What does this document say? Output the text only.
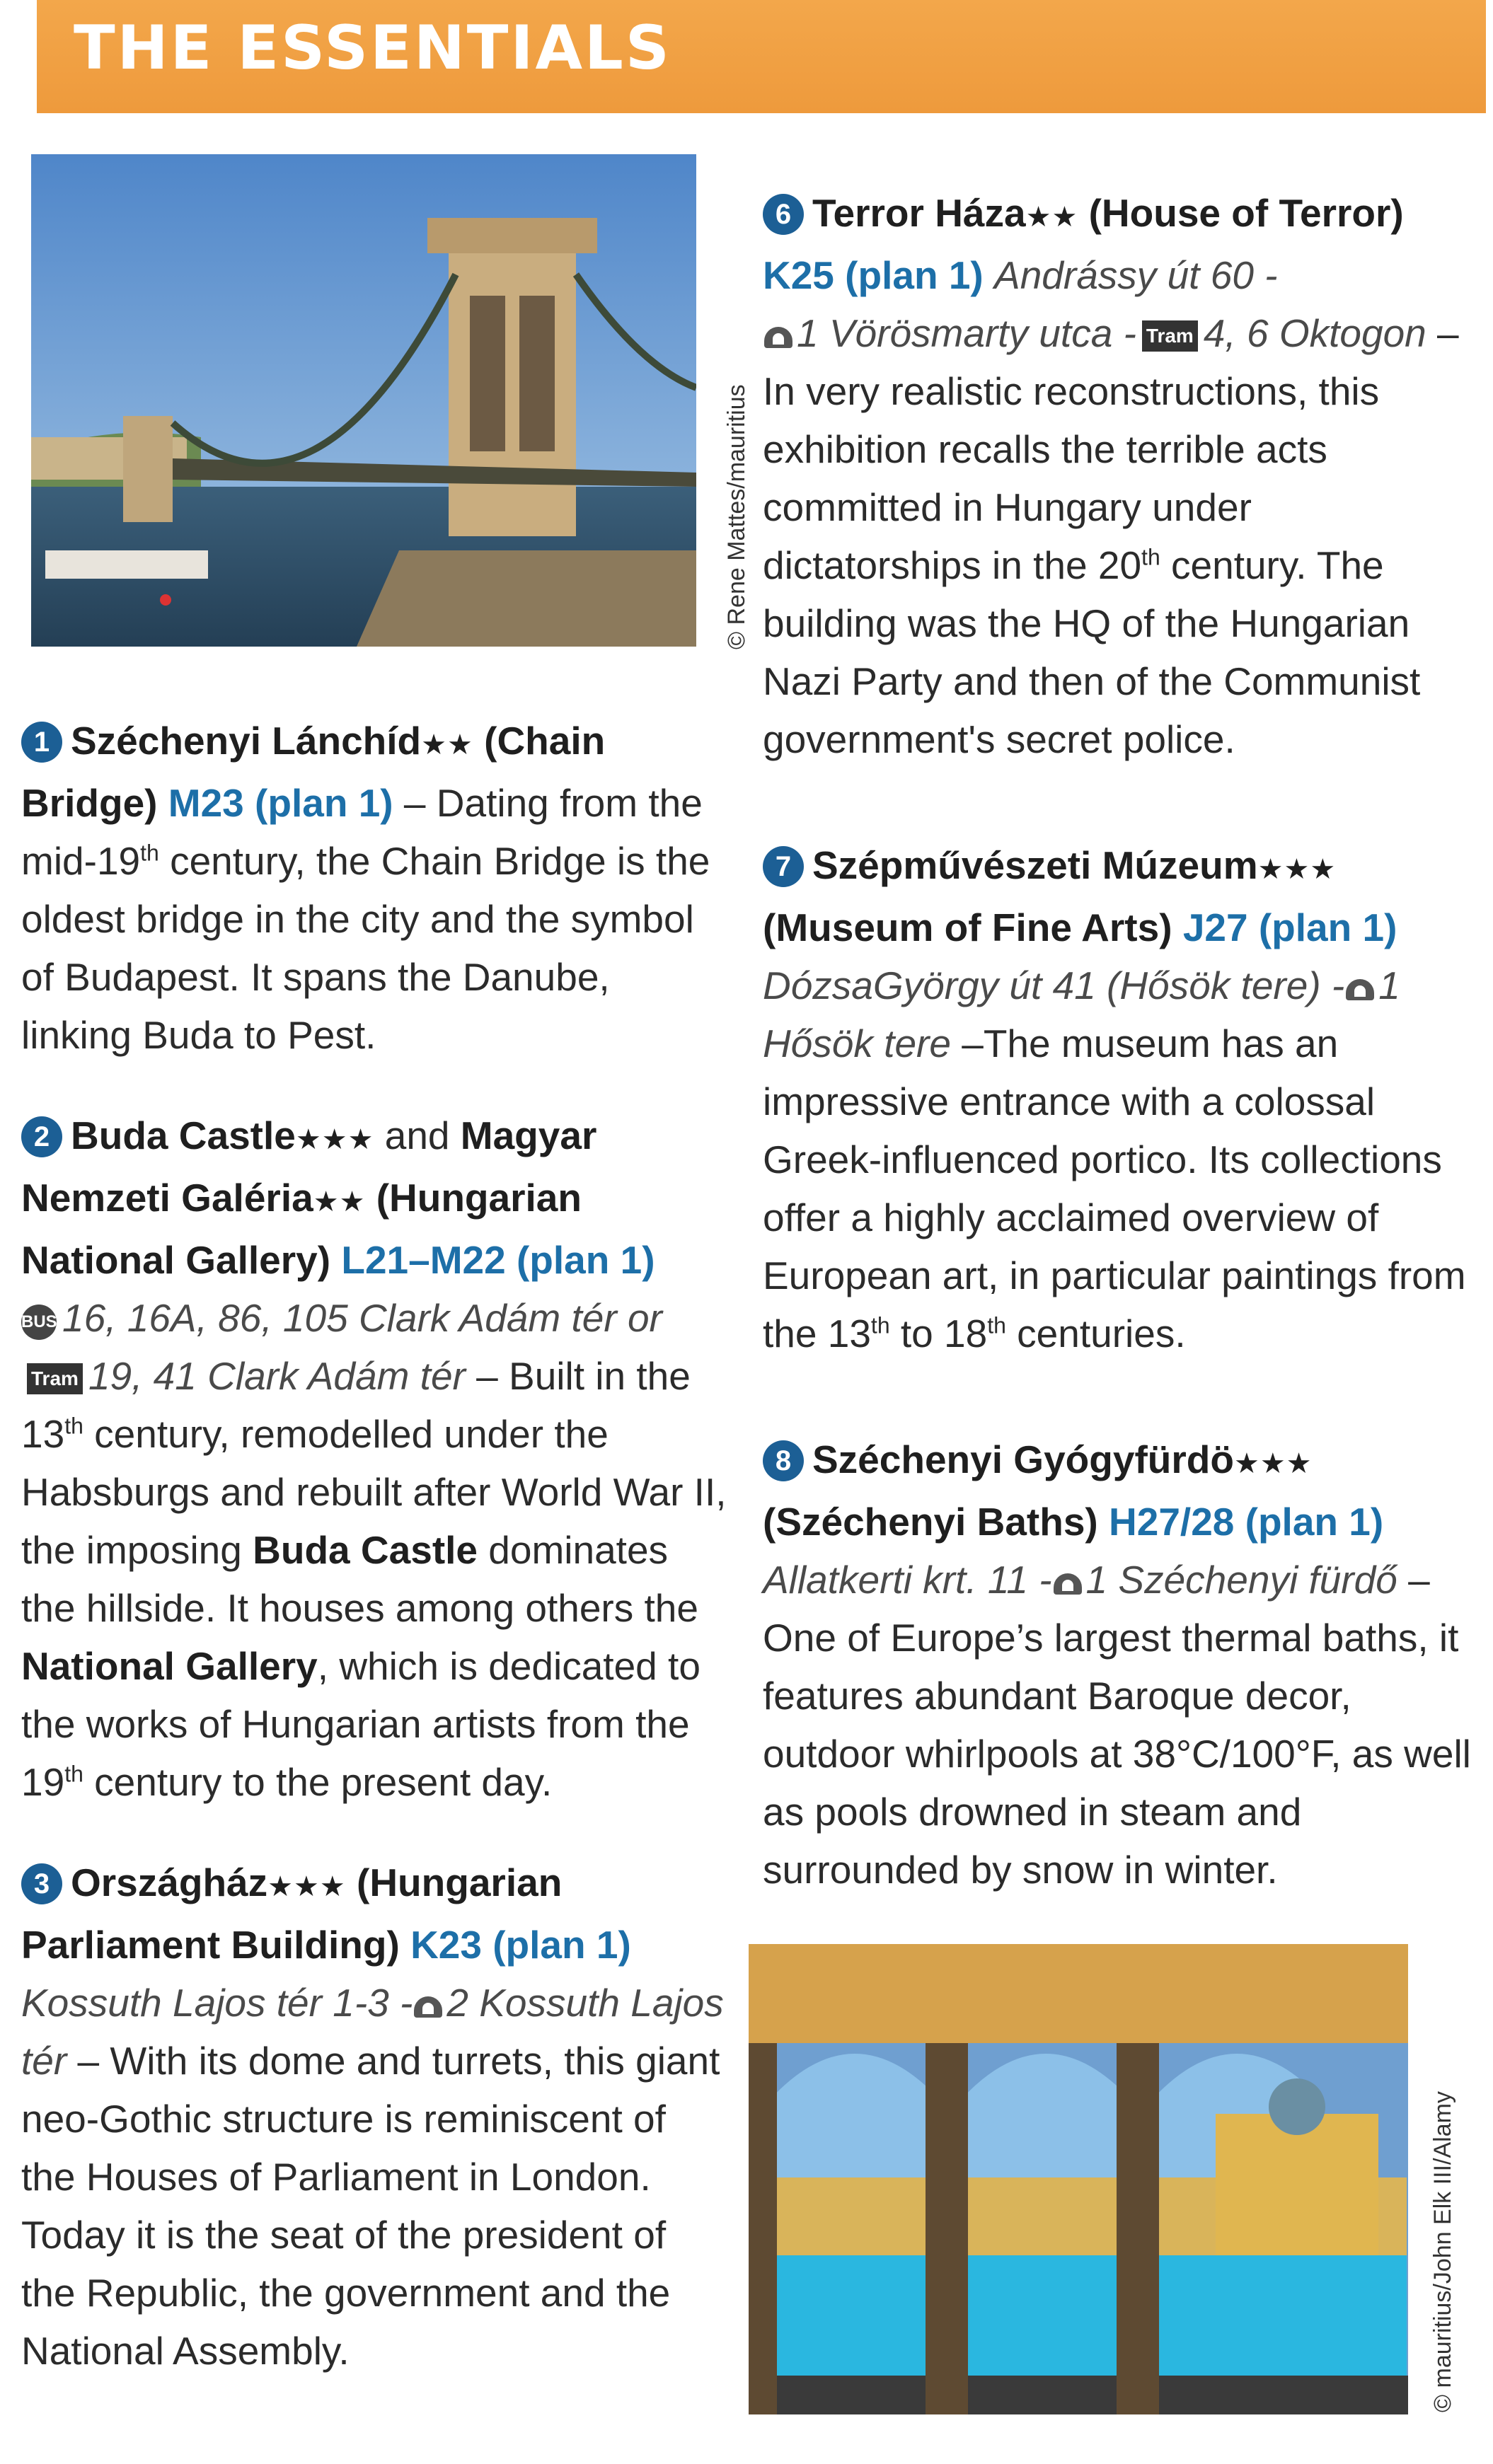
THE ESSENTIALS
© Rene Mattes/mauritius

1 Széchenyi Lánchíd★★ (Chain Bridge) M23 (plan 1) – Dating from the mid-19th century, the Chain Bridge is the oldest bridge in the city and the symbol of Budapest. It spans the Danube, linking Buda to Pest.

2 Buda Castle★★★ and Magyar Nemzeti Galéria★★ (Hungarian National Gallery) L21–M22 (plan 1)
BUS 16, 16A, 86, 105 Clark Adám tér orTram 19, 41 Clark Adám tér – Built in the 13th century, remodelled under the Habsburgs and rebuilt after World War II, the imposing Buda Castle dominates the hillside. It houses among others the National Gallery, which is dedicated to the works of Hungarian artists from the 19th century to the present day.

3 Országház★★★ (Hungarian Parliament Building) K23 (plan 1)
Kossuth Lajos tér 1-3 - 2 Kossuth Lajos tér – With its dome and turrets, this giant neo-Gothic structure is reminiscent of the Houses of Parliament in London. Today it is the seat of the president of the Republic, the government and the National Assembly.

6 Terror Háza★★ (House of Terror)
K25 (plan 1) Andrássy út 60 -
1 Vörösmarty utca - Tram 4, 6 Oktogon – In very realistic reconstructions, this exhibition recalls the terrible acts committed in Hungary under dictatorships in the 20th century. The building was the HQ of the Hungarian Nazi Party and then of the Communist government's secret police.

7 Szépművészeti Múzeum★★★ (Museum of Fine Arts) J27 (plan 1)
DózsaGyörgy út 41 (Hősök tere) - 1 Hősök tere –The museum has an impressive entrance with a colossal Greek-influenced portico. Its collections offer a highly acclaimed overview of European art, in particular paintings from the 13th to 18th centuries.

8 Széchenyi Gyógyfürdö★★★ (Széchenyi Baths) H27/28 (plan 1)
Allatkerti krt. 11 - 1 Széchenyi fürdő – One of Europe’s largest thermal baths, it features abundant Baroque decor, outdoor whirlpools at 38°C/100°F, as well as pools drowned in steam and surrounded by snow in winter.

© mauritius/John Elk III/Alamy
